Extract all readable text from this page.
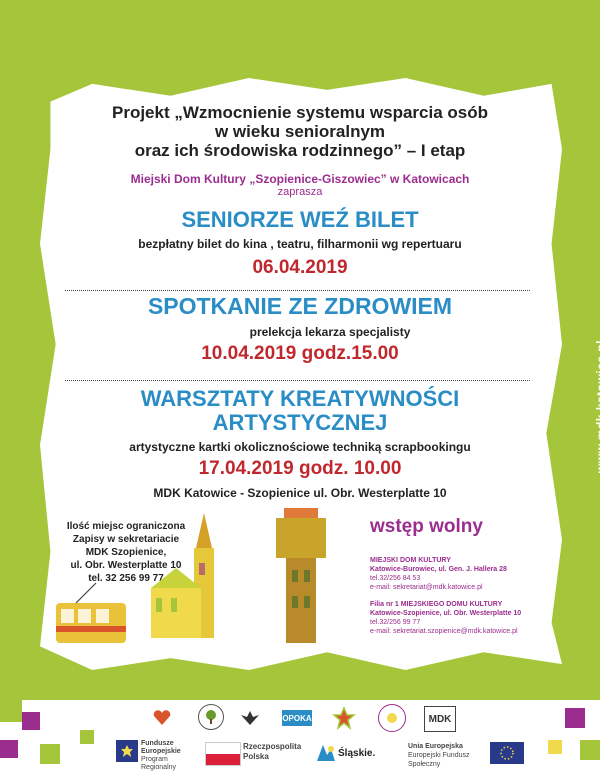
www.mdk.katowice.pl
Projekt „Wzmocnienie systemu wsparcia osób
w wieku senioralnym
oraz ich środowiska rodzinnego” – I etap
Miejski Dom Kultury „Szopienice-Giszowiec” w Katowicach
zaprasza
SENIORZE WEŹ BILET
bezpłatny bilet do kina , teatru, filharmonii wg repertuaru
06.04.2019
SPOTKANIE ZE ZDROWIEM
prelekcja lekarza specjalisty
10.04.2019 godz.15.00
WARSZTATY KREATYWNOŚCI
ARTYSTYCZNEJ
artystyczne kartki okolicznościowe techniką scrapbookingu
17.04.2019 godz. 10.00
MDK Katowice - Szopienice ul. Obr. Westerplatte 10
Ilość miejsc ograniczona
Zapisy w sekretariacie
MDK Szopienice,
ul. Obr. Westerplatte 10
tel. 32 256 99 77
wstęp wolny
MIEJSKI DOM KULTURY
Katowice-Burowiec, ul. Gen. J. Hallera 28
tel.32/256 84 53
e-mail: sekretariat@mdk.katowice.pl
Filia nr 1 MIEJSKIEGO DOMU KULTURY
Katowice-Szopienice, ul. Obr. Westerplatte 10
tel.32/256 99 77
e-mail: sekretariat.szopienice@mdk.katowice.pl
OPOKA	MDK
Fundusze
Europejskie
Program Regionalny
Rzeczpospolita
Polska	Śląskie.
Unia Europejska
Europejski Fundusz Społeczny
